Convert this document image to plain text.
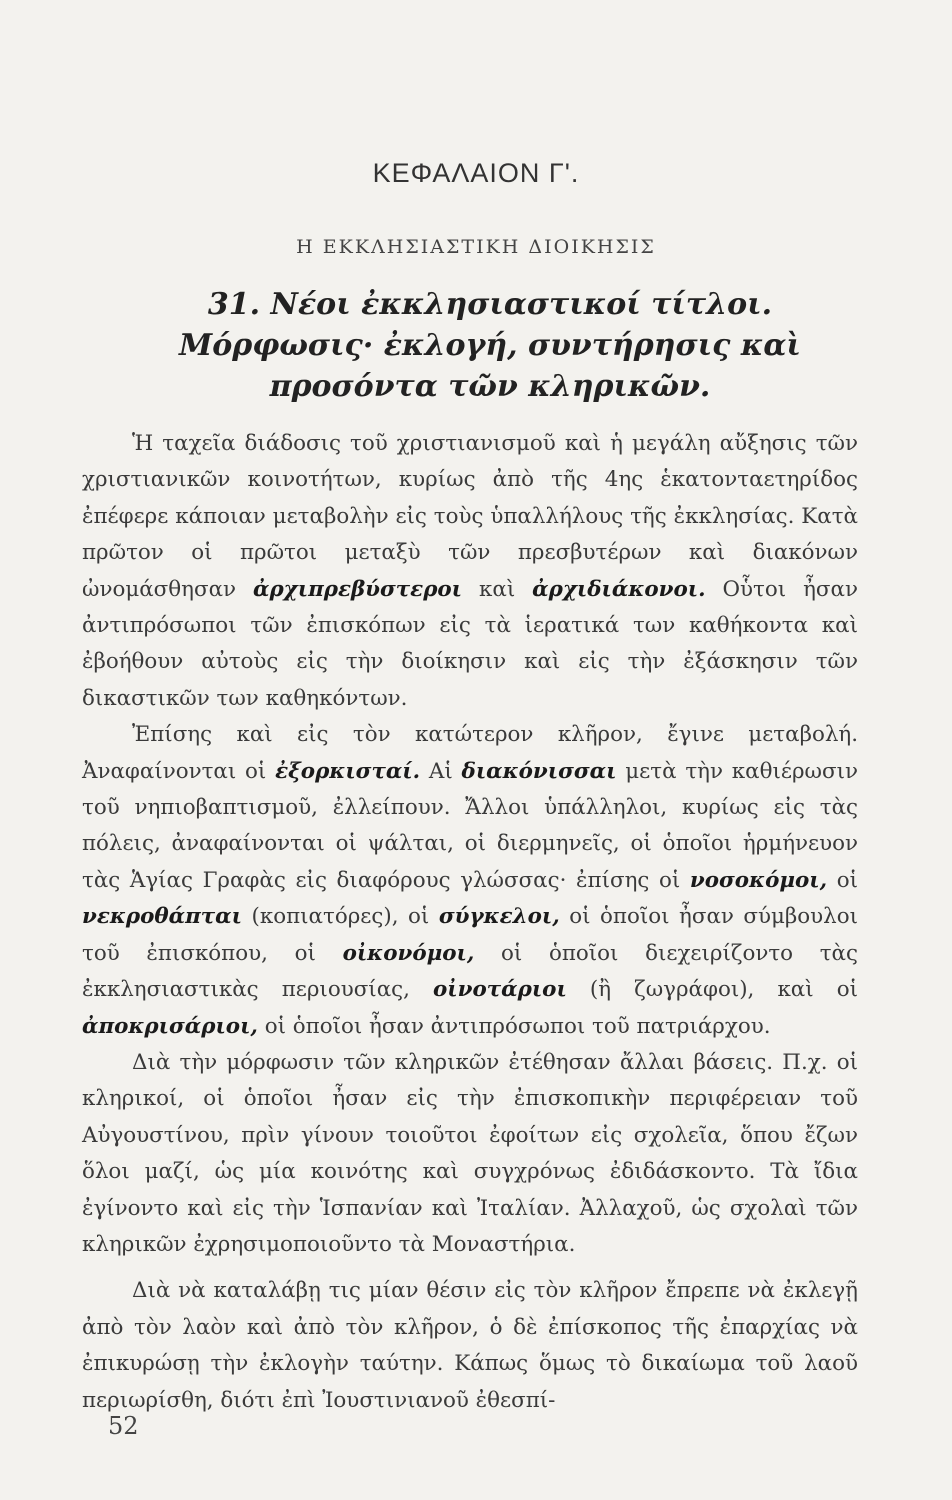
ΚΕΦΑΛΑΙΟΝ Γ'.
Η ΕΚΚΛΗΣΙΑΣΤΙΚΗ ΔΙΟΙΚΗΣΙΣ
31. Νέοι ἐκκλησιαστικοί τίτλοι. Μόρφωσις· ἐκλογή, συντήρησις καὶ προσόντα τῶν κληρικῶν.

Ἡ ταχεῖα διάδοσις τοῦ χριστιανισμοῦ καὶ ἡ μεγάλη αὔξησις τῶν χριστιανικῶν κοινοτήτων, κυρίως ἀπὸ τῆς 4ης ἑκατονταετηρίδος ἐπέφερε κάποιαν μεταβολὴν εἰς τοὺς ὑπαλλήλους τῆς ἐκκλησίας. Κατὰ πρῶτον οἱ πρῶτοι μεταξὺ τῶν πρεσβυτέρων καὶ διακόνων ὠνομάσθησαν ἀρχιπρεβύστεροι καὶ ἀρχιδιάκονοι. Οὗτοι ἦσαν ἀντιπρόσωποι τῶν ἐπισκόπων εἰς τὰ ἱερατικά των καθήκοντα καὶ ἐβοήθουν αὐτοὺς εἰς τὴν διοίκησιν καὶ εἰς τὴν ἐξάσκησιν τῶν δικαστικῶν των καθηκόντων.

Ἐπίσης καὶ εἰς τὸν κατώτερον κλῆρον, ἔγινε μεταβολή. Ἀναφαίνονται οἱ ἐξορκισταί. Αἱ διακόνισσαι μετὰ τὴν καθιέρωσιν τοῦ νηπιοβαπτισμοῦ, ἐλλείπουν. Ἄλλοι ὑπάλληλοι, κυρίως εἰς τὰς πόλεις, ἀναφαίνονται οἱ ψάλται, οἱ διερμηνεῖς, οἱ ὁποῖοι ἡρμήνευον τὰς Ἁγίας Γραφὰς εἰς διαφόρους γλώσσας· ἐπίσης οἱ νοσοκόμοι, οἱ νεκροθάπται (κοπιατόρες), οἱ σύγκελοι, οἱ ὁποῖοι ἦσαν σύμβουλοι τοῦ ἐπισκόπου, οἱ οἰκονόμοι, οἱ ὁποῖοι διεχειρίζοντο τὰς ἐκκλησιαστικὰς περιουσίας, οἰνοτάριοι (ἢ ζωγράφοι), καὶ οἱ ἀποκρισάριοι, οἱ ὁποῖοι ἦσαν ἀντιπρόσωποι τοῦ πατριάρχου.

Διὰ τὴν μόρφωσιν τῶν κληρικῶν ἐτέθησαν ἄλλαι βάσεις. Π.χ. οἱ κληρικοί, οἱ ὁποῖοι ἦσαν εἰς τὴν ἐπισκοπικὴν περιφέρειαν τοῦ Αὐγουστίνου, πρὶν γίνουν τοιοῦτοι ἐφοίτων εἰς σχολεῖα, ὅπου ἔζων ὅλοι μαζί, ὡς μία κοινότης καὶ συγχρόνως ἐδιδάσκοντο. Τὰ ἴδια ἐγίνοντο καὶ εἰς τὴν Ἱσπανίαν καὶ Ἰταλίαν. Ἀλλαχοῦ, ὡς σχολαὶ τῶν κληρικῶν ἐχρησιμοποιοῦντο τὰ Μοναστήρια.

Διὰ νὰ καταλάβῃ τις μίαν θέσιν εἰς τὸν κλῆρον ἔπρεπε νὰ ἐκλεγῇ ἀπὸ τὸν λαὸν καὶ ἀπὸ τὸν κλῆρον, ὁ δὲ ἐπίσκοπος τῆς ἐπαρχίας νὰ ἐπικυρώσῃ τὴν ἐκλογὴν ταύτην. Κάπως ὅμως τὸ δικαίωμα τοῦ λαοῦ περιωρίσθη, διότι ἐπὶ Ἰουστινιανοῦ ἐθεσπί-

52
